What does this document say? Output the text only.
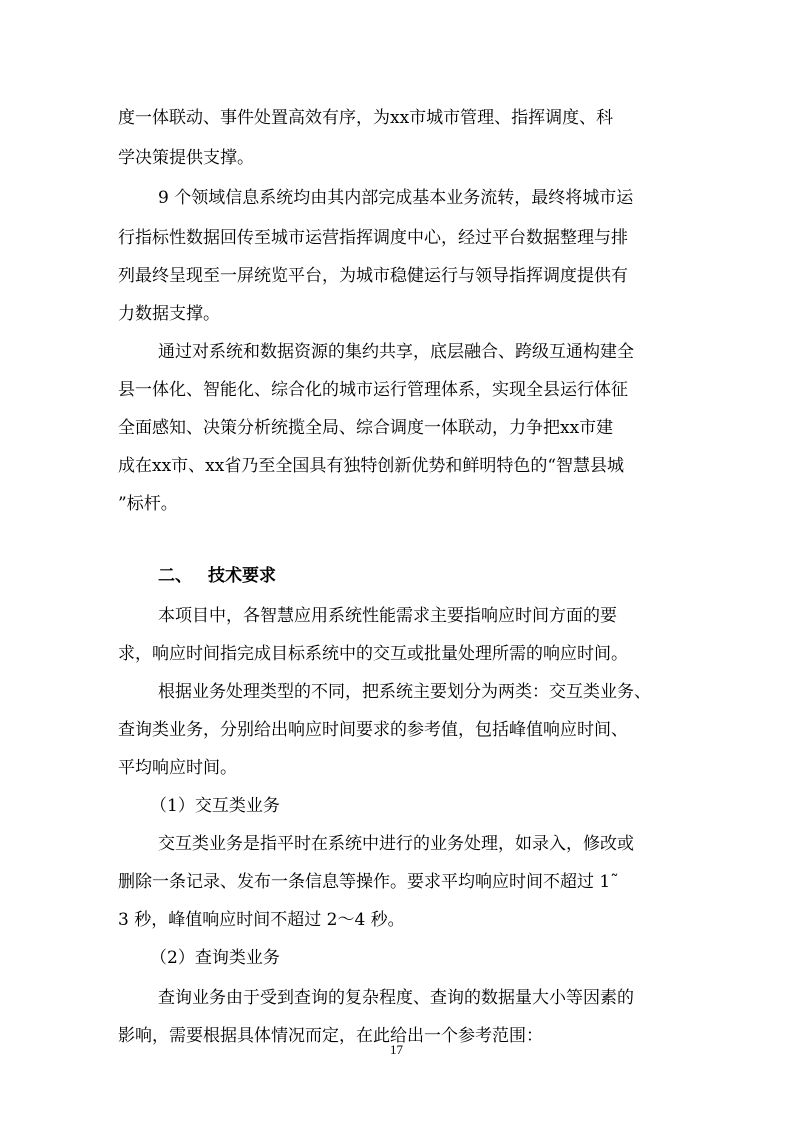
度一体联动、事件处置高效有序，为xx市城市管理、指挥调度、科
学决策提供支撑。
9 个领域信息系统均由其内部完成基本业务流转，最终将城市运
行指标性数据回传至城市运营指挥调度中心，经过平台数据整理与排
列最终呈现至一屏统览平台，为城市稳健运行与领导指挥调度提供有
力数据支撑。
通过对系统和数据资源的集约共享，底层融合、跨级互通构建全
县一体化、智能化、综合化的城市运行管理体系，实现全县运行体征
全面感知、决策分析统揽全局、综合调度一体联动，力争把xx市建
成在xx市、xx省乃至全国具有独特创新优势和鲜明特色的“智慧县城
”标杆。
二、 技术要求
本项目中，各智慧应用系统性能需求主要指响应时间方面的要
求，响应时间指完成目标系统中的交互或批量处理所需的响应时间。
根据业务处理类型的不同，把系统主要划分为两类：交互类业务、
查询类业务，分别给出响应时间要求的参考值，包括峰值响应时间、
平均响应时间。
（1）交互类业务
交互类业务是指平时在系统中进行的业务处理，如录入，修改或
删除一条记录、发布一条信息等操作。要求平均响应时间不超过 1˜
3 秒，峰值响应时间不超过 2～4 秒。
（2）查询类业务
查询业务由于受到查询的复杂程度、查询的数据量大小等因素的
影响，需要根据具体情况而定，在此给出一个参考范围：
17
